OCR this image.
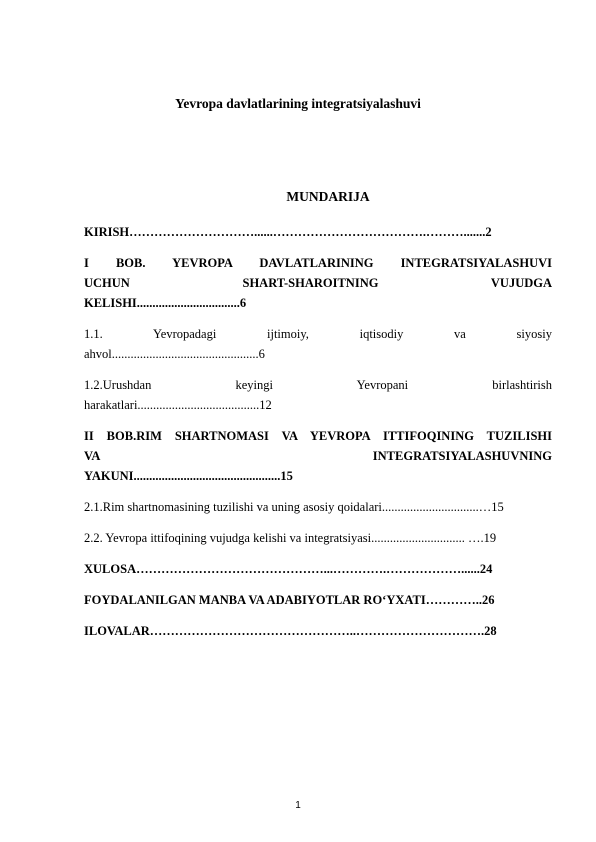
Yevropa davlatlarining integratsiyalashuvi
MUNDARIJA
KIRISH…………………………......……………………………….……….......2
I BOB. YEVROPA DAVLATLARINING INTEGRATSIYALASHUVI
UCHUN SHART-SHAROITNING VUJUDGA
KELISHI.................................6
1.1. Yevropadagi ijtimoiy, iqtisodiy va siyosiy
ahvol...............................................6
1.2.Urushdan keyingi Yevropani birlashtirish
harakatlari.......................................12
II BOB.RIM SHARTNOMASI VA YEVROPA ITTIFOQINING TUZILISHI
VA INTEGRATSIYALASHUVNING
YAKUNI...............................................15
2.1.Rim shartnomasining tuzilishi va uning asosiy qoidalari...............................…15
2.2. Yevropa ittifoqining vujudga kelishi va integratsiyasi.............................. ….19
XULOSA………………………………………...………….………………......24
FOYDALANILGAN MANBA VA ADABIYOTLAR RO‘YXATI…………..26
ILOVALAR…………………………………………..………………………….28
1
